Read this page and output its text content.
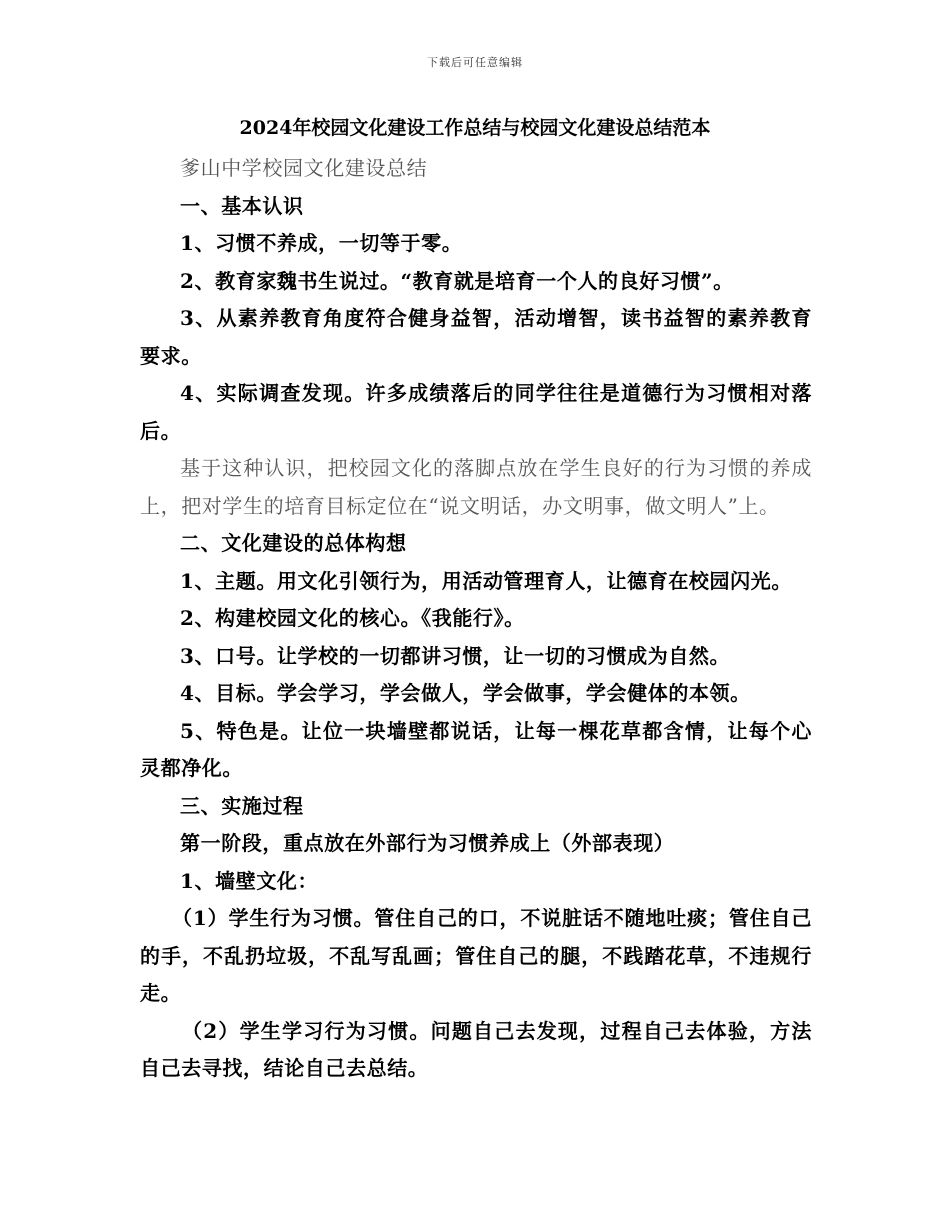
下载后可任意编辑
2024年校园文化建设工作总结与校园文化建设总结范本

爹山中学校园文化建设总结

一、基本认识

1、习惯不养成，一切等于零。

2、教育家魏书生说过。“教育就是培育一个人的良好习惯”。

3、从素养教育角度符合健身益智，活动增智，读书益智的素养教育要求。

4、实际调查发现。许多成绩落后的同学往往是道德行为习惯相对落后。

基于这种认识，把校园文化的落脚点放在学生良好的行为习惯的养成上，把对学生的培育目标定位在“说文明话，办文明事，做文明人”上。

二、文化建设的总体构想

1、主题。用文化引领行为，用活动管理育人，让德育在校园闪光。

2、构建校园文化的核心。《我能行》。

3、口号。让学校的一切都讲习惯，让一切的习惯成为自然。

4、目标。学会学习，学会做人，学会做事，学会健体的本领。

5、特色是。让位一块墙壁都说话，让每一棵花草都含情，让每个心灵都净化。

三、实施过程

第一阶段，重点放在外部行为习惯养成上（外部表现）

1、墙壁文化：

（1）学生行为习惯。管住自己的口，不说脏话不随地吐痰；管住自己的手，不乱扔垃圾，不乱写乱画；管住自己的腿，不践踏花草，不违规行走。

（2）学生学习行为习惯。问题自己去发现，过程自己去体验，方法自己去寻找，结论自己去总结。
